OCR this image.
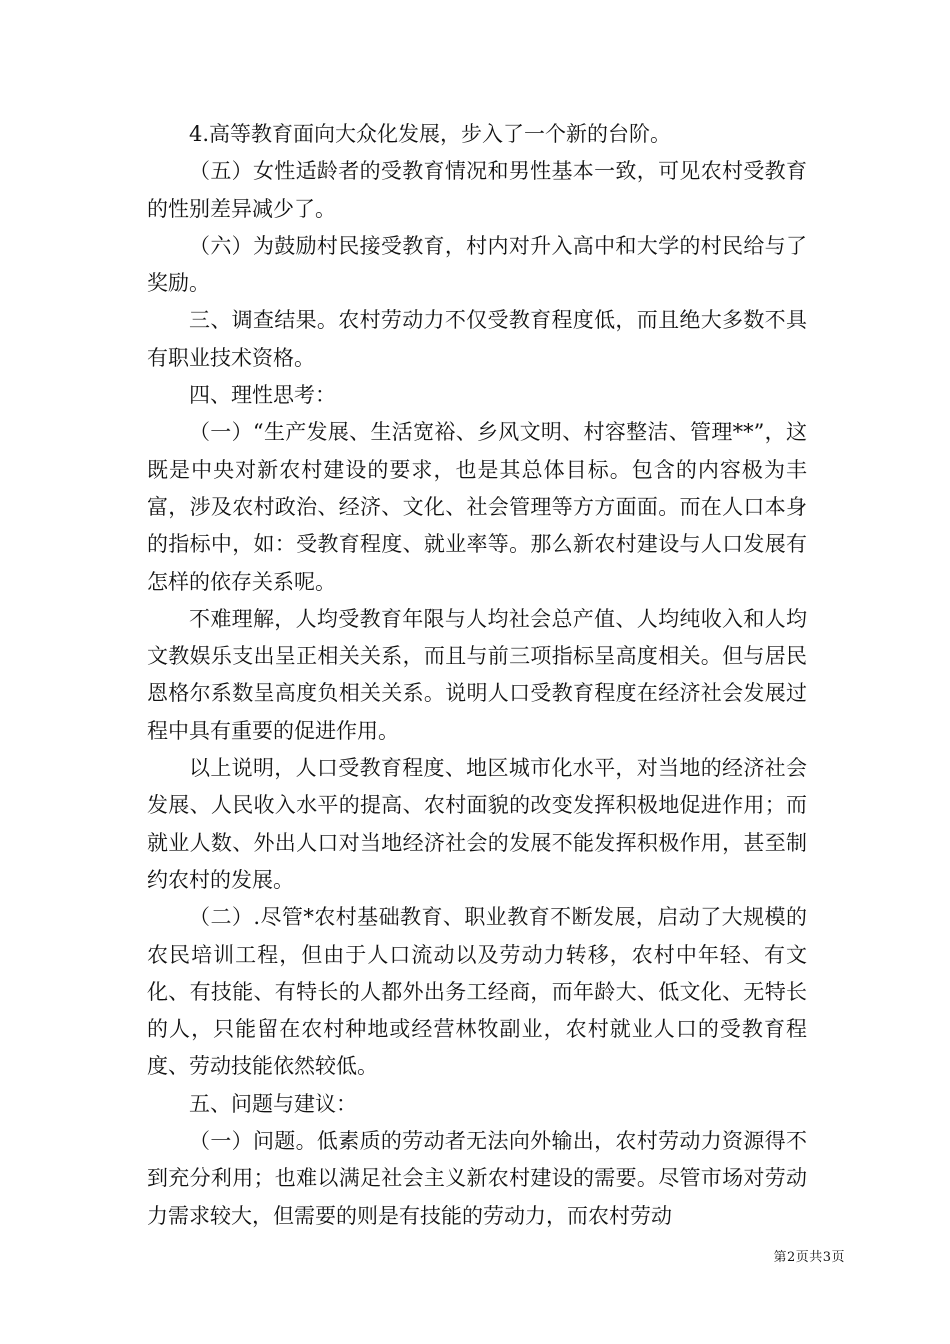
4.高等教育面向大众化发展，步入了一个新的台阶。

（五）女性适龄者的受教育情况和男性基本一致，可见农村受教育的性别差异减少了。

（六）为鼓励村民接受教育，村内对升入高中和大学的村民给与了奖励。

三、调查结果。农村劳动力不仅受教育程度低，而且绝大多数不具有职业技术资格。

四、理性思考：

（一）“生产发展、生活宽裕、乡风文明、村容整洁、管理**”，这既是中央对新农村建设的要求，也是其总体目标。包含的内容极为丰富，涉及农村政治、经济、文化、社会管理等方方面面。而在人口本身的指标中，如：受教育程度、就业率等。那么新农村建设与人口发展有怎样的依存关系呢。

不难理解，人均受教育年限与人均社会总产值、人均纯收入和人均文教娱乐支出呈正相关关系，而且与前三项指标呈高度相关。但与居民恩格尔系数呈高度负相关关系。说明人口受教育程度在经济社会发展过程中具有重要的促进作用。

以上说明，人口受教育程度、地区城市化水平，对当地的经济社会发展、人民收入水平的提高、农村面貌的改变发挥积极地促进作用；而就业人数、外出人口对当地经济社会的发展不能发挥积极作用，甚至制约农村的发展。

（二）.尽管*农村基础教育、职业教育不断发展，启动了大规模的农民培训工程，但由于人口流动以及劳动力转移，农村中年轻、有文化、有技能、有特长的人都外出务工经商，而年龄大、低文化、无特长的人，只能留在农村种地或经营林牧副业，农村就业人口的受教育程度、劳动技能依然较低。

五、问题与建议：

（一）问题。低素质的劳动者无法向外输出，农村劳动力资源得不到充分利用；也难以满足社会主义新农村建设的需要。尽管市场对劳动力需求较大，但需要的则是有技能的劳动力，而农村劳动

第2页共3页
